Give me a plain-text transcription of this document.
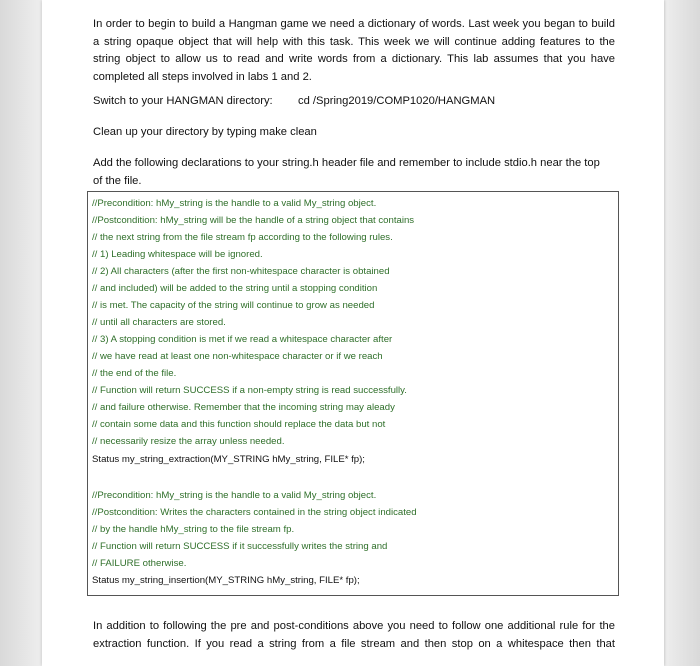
In order to begin to build a Hangman game we need a dictionary of words. Last week you began to build
a string opaque object that will help with this task. This week we will continue adding features to the
string object to allow us to read and write words from a dictionary. This lab assumes that you have
completed all steps involved in labs 1 and 2.

Switch to your HANGMAN directory: cd /Spring2019/COMP1020/HANGMAN

Clean up your directory by typing make clean

Add the following declarations to your string.h header file and remember to include stdio.h near the top
of the file.

//Precondition: hMy_string is the handle to a valid My_string object.

//Postcondition: hMy_string will be the handle of a string object that contains

// the next string from the file stream fp according to the following rules.

// 1) Leading whitespace will be ignored.

// 2) All characters (after the first non-whitespace character is obtained

// and included) will be added to the string until a stopping condition

// is met. The capacity of the string will continue to grow as needed

// until all characters are stored.

// 3) A stopping condition is met if we read a whitespace character after

// we have read at least one non-whitespace character or if we reach

// the end of the file.

// Function will return SUCCESS if a non-empty string is read successfully.

// and failure otherwise. Remember that the incoming string may aleady

// contain some data and this function should replace the data but not

// necessarily resize the array unless needed.

Status my_string_extraction(MY_STRING hMy_string, FILE* fp);

//Precondition: hMy_string is the handle to a valid My_string object.

//Postcondition: Writes the characters contained in the string object indicated

// by the handle hMy_string to the file stream fp.

// Function will return SUCCESS if it successfully writes the string and

// FAILURE otherwise.

Status my_string_insertion(MY_STRING hMy_string, FILE* fp);

In addition to following the pre and post-conditions above you need to follow one additional rule for the
extraction function. If you read a string from a file stream and then stop on a whitespace then that
